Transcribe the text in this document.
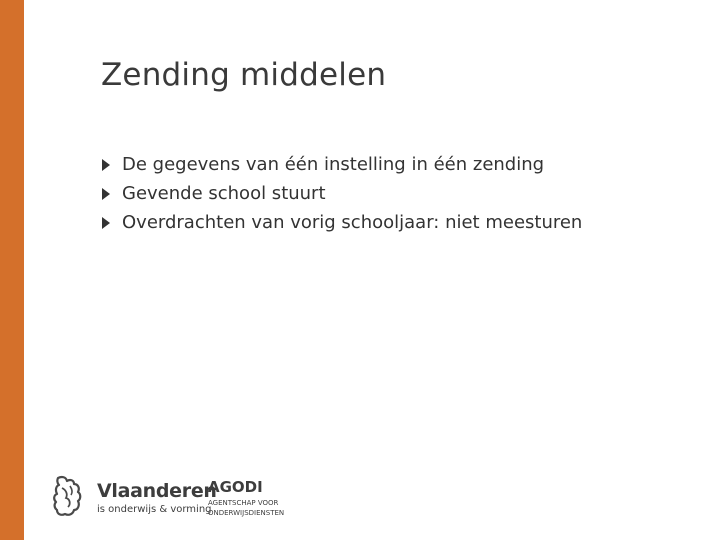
Zending middelen
De gegevens van één instelling in één zending
Gevende school stuurt
Overdrachten van vorig schooljaar: niet meesturen
Vlaanderen
is onderwijs & vorming
AGODI
AGENTSCHAP VOOR
ONDERWIJSDIENSTEN
